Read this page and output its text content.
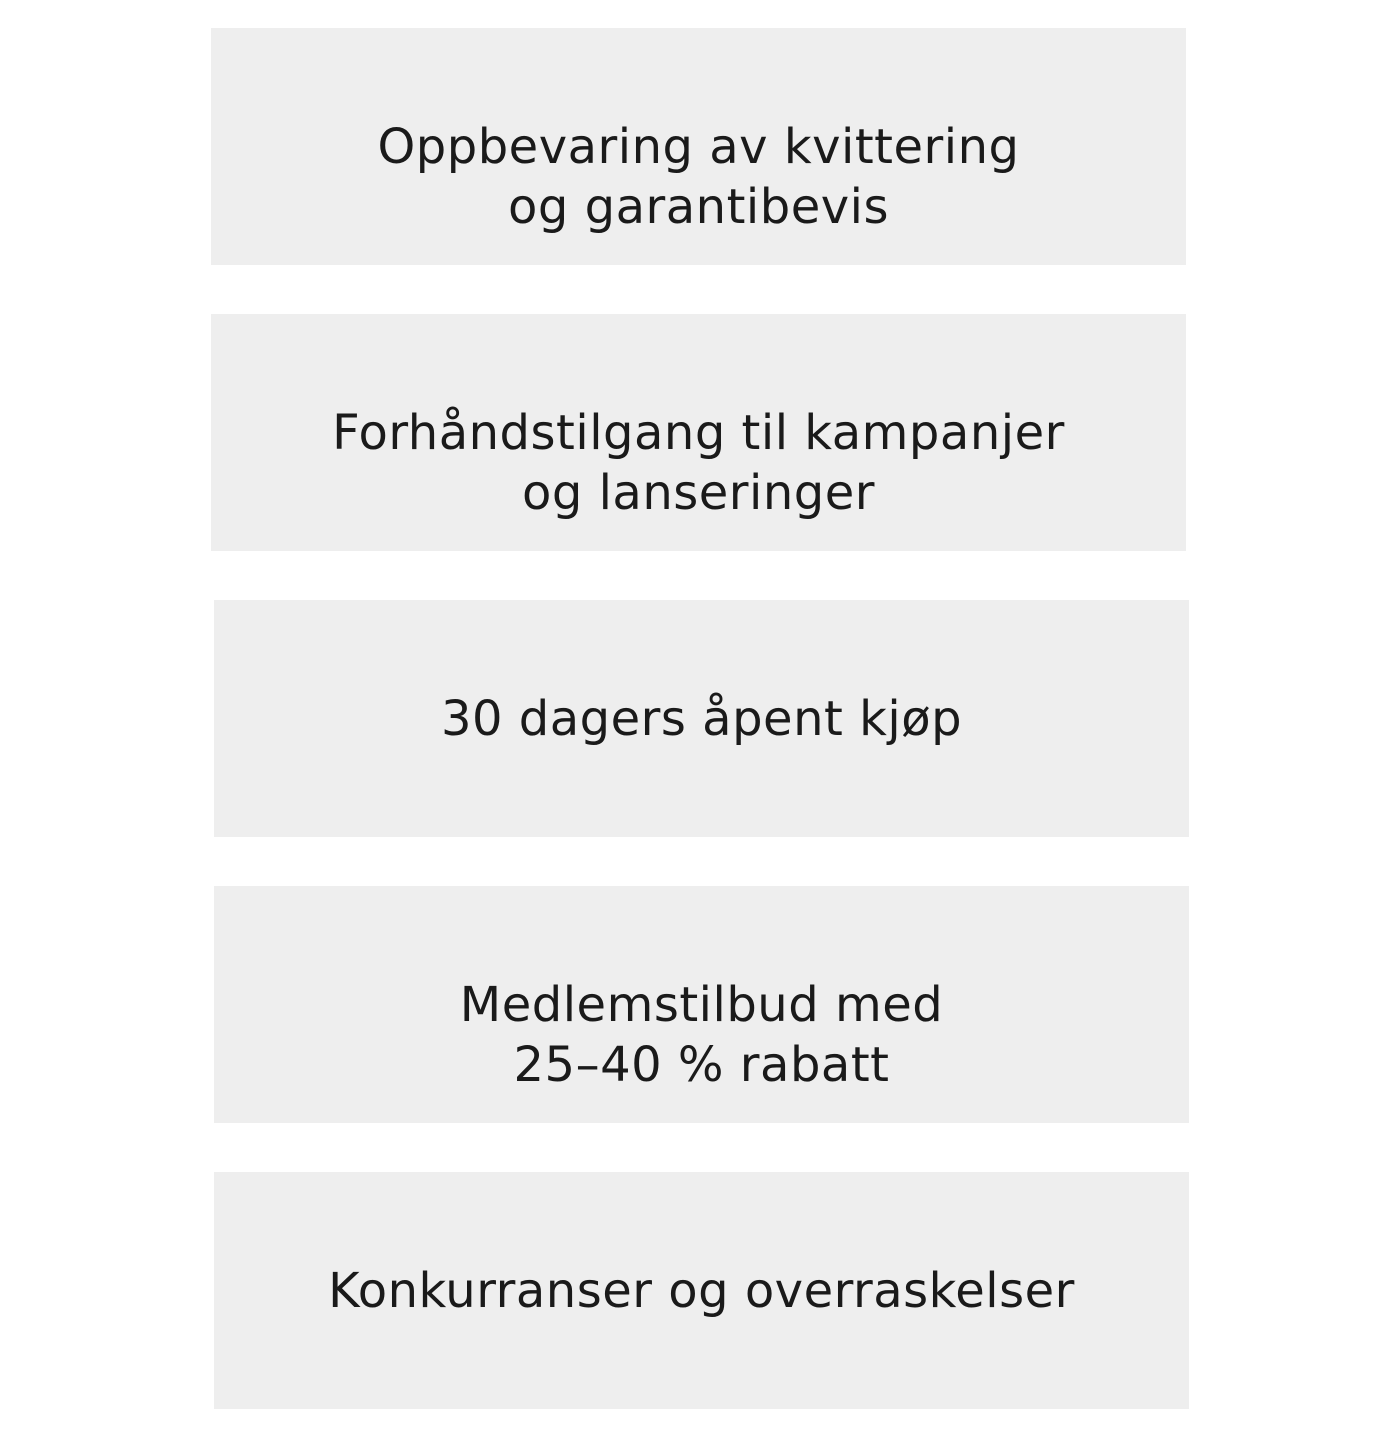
Oppbevaring av kvittering
og garantibevis
Forhåndstilgang til kampanjer
og lanseringer
30 dagers åpent kjøp
Medlemstilbud med
25–40 % rabatt
Konkurranser og overraskelser
